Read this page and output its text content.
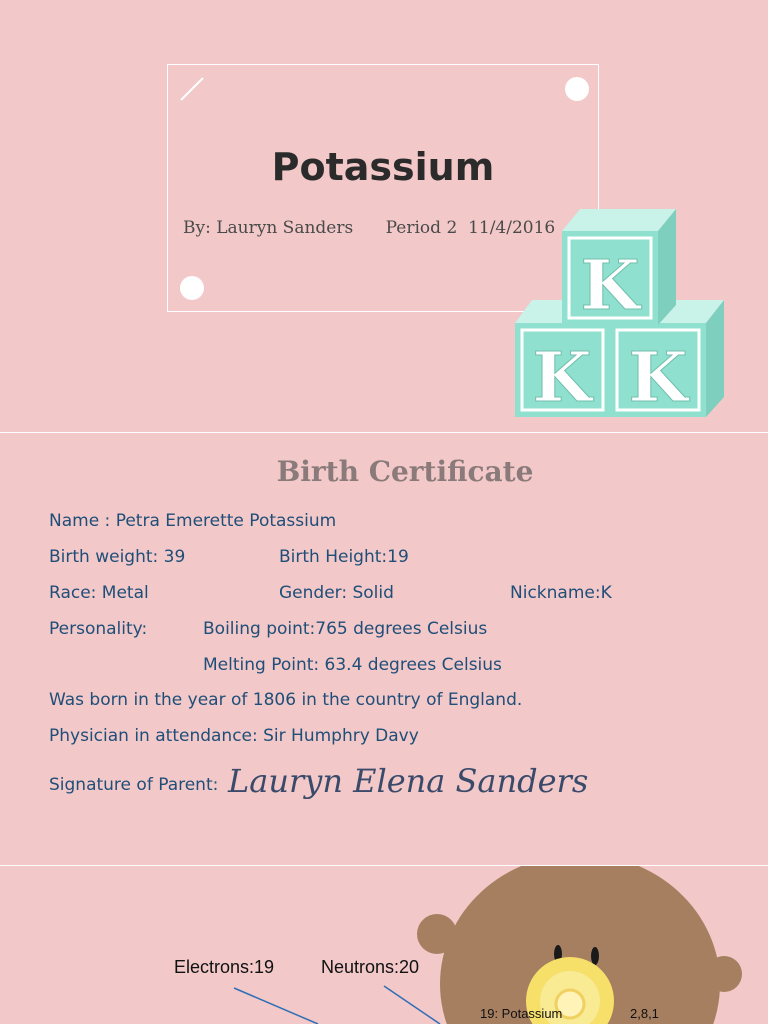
Potassium
By: Lauryn Sanders      Period 2  11/4/2016
K K
K
Birth Certificate
Name : Petra Emerette Potassium
Birth weight: 39	Birth Height:19
Race: Metal	Gender: Solid	Nickname:K
Personality:	Boiling point:765 degrees Celsius
Melting Point: 63.4 degrees Celsius
Was born in the year of 1806 in the country of England.
Physician in attendance: Sir Humphry Davy
Signature of Parent: Lauryn Elena Sanders
Electrons:19	Neutrons:20
19: Potassium	2,8,1
